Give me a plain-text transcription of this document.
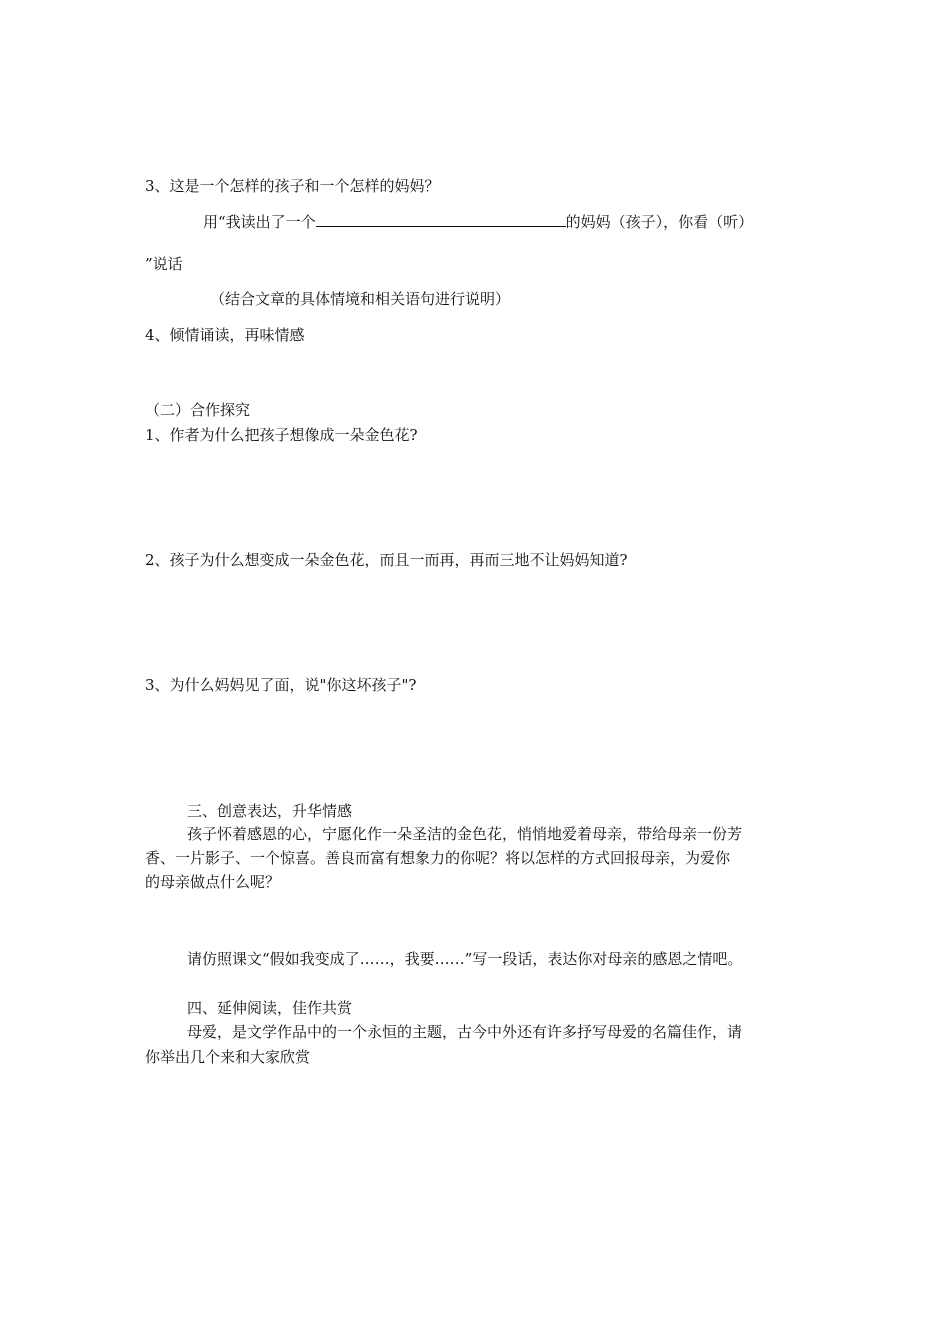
3、这是一个怎样的孩子和一个怎样的妈妈？
用“我读出了一个	的妈妈（孩子），你看（听）
”说话
（结合文章的具体情境和相关语句进行说明）
4、倾情诵读，再味情感
（二）合作探究
1、作者为什么把孩子想像成一朵金色花?
2、孩子为什么想变成一朵金色花，而且一而再，再而三地不让妈妈知道?
3、为什么妈妈见了面，说"你这坏孩子"?
三、创意表达，升华情感
孩子怀着感恩的心，宁愿化作一朵圣洁的金色花，悄悄地爱着母亲，带给母亲一份芳
香、一片影子、一个惊喜。善良而富有想象力的你呢？将以怎样的方式回报母亲，为爱你
的母亲做点什么呢？
请仿照课文“假如我变成了……，我要……”写一段话，表达你对母亲的感恩之情吧。
四、延伸阅读，佳作共赏
母爱，是文学作品中的一个永恒的主题，古今中外还有许多抒写母爱的名篇佳作，请
你举出几个来和大家欣赏
